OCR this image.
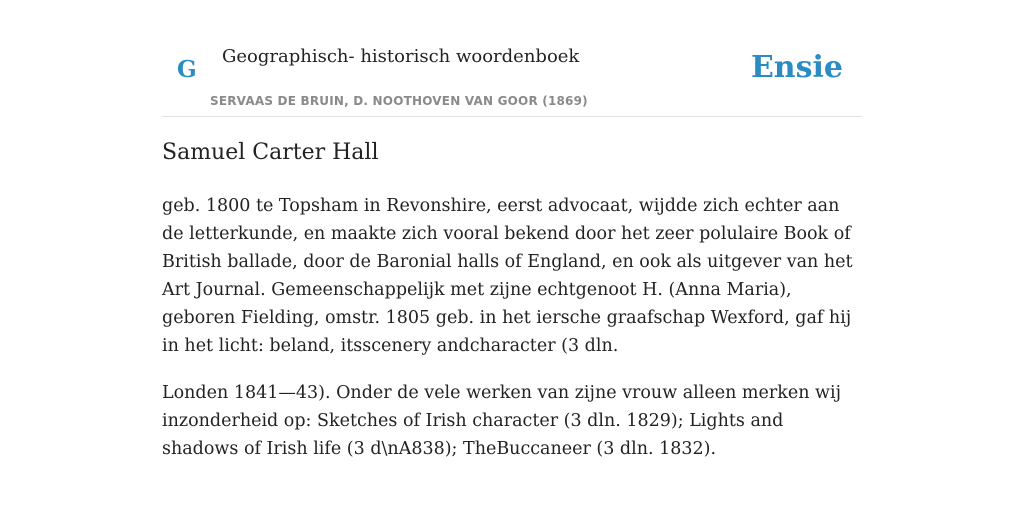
G Geographisch- historisch woordenboek
SERVAAS DE BRUIN, D. NOOTHOVEN VAN GOOR (1869)
Ensie
Samuel Carter Hall

geb. 1800 te Topsham in Revonshire, eerst advocaat, wijdde zich echter aan de letterkunde, en maakte zich vooral bekend door het zeer polulaire Book of British ballade, door de Baronial halls of England, en ook als uitgever van het Art Journal. Gemeenschappelijk met zijne echtgenoot H. (Anna Maria), geboren Fielding, omstr. 1805 geb. in het iersche graafschap Wexford, gaf hij in het licht: beland, itsscenery andcharacter (3 dln.

Londen 1841—43). Onder de vele werken van zijne vrouw alleen merken wij inzonderheid op: Sketches of Irish character (3 dln. 1829); Lights and shadows of Irish life (3 d\nA838); TheBuccaneer (3 dln. 1832).
